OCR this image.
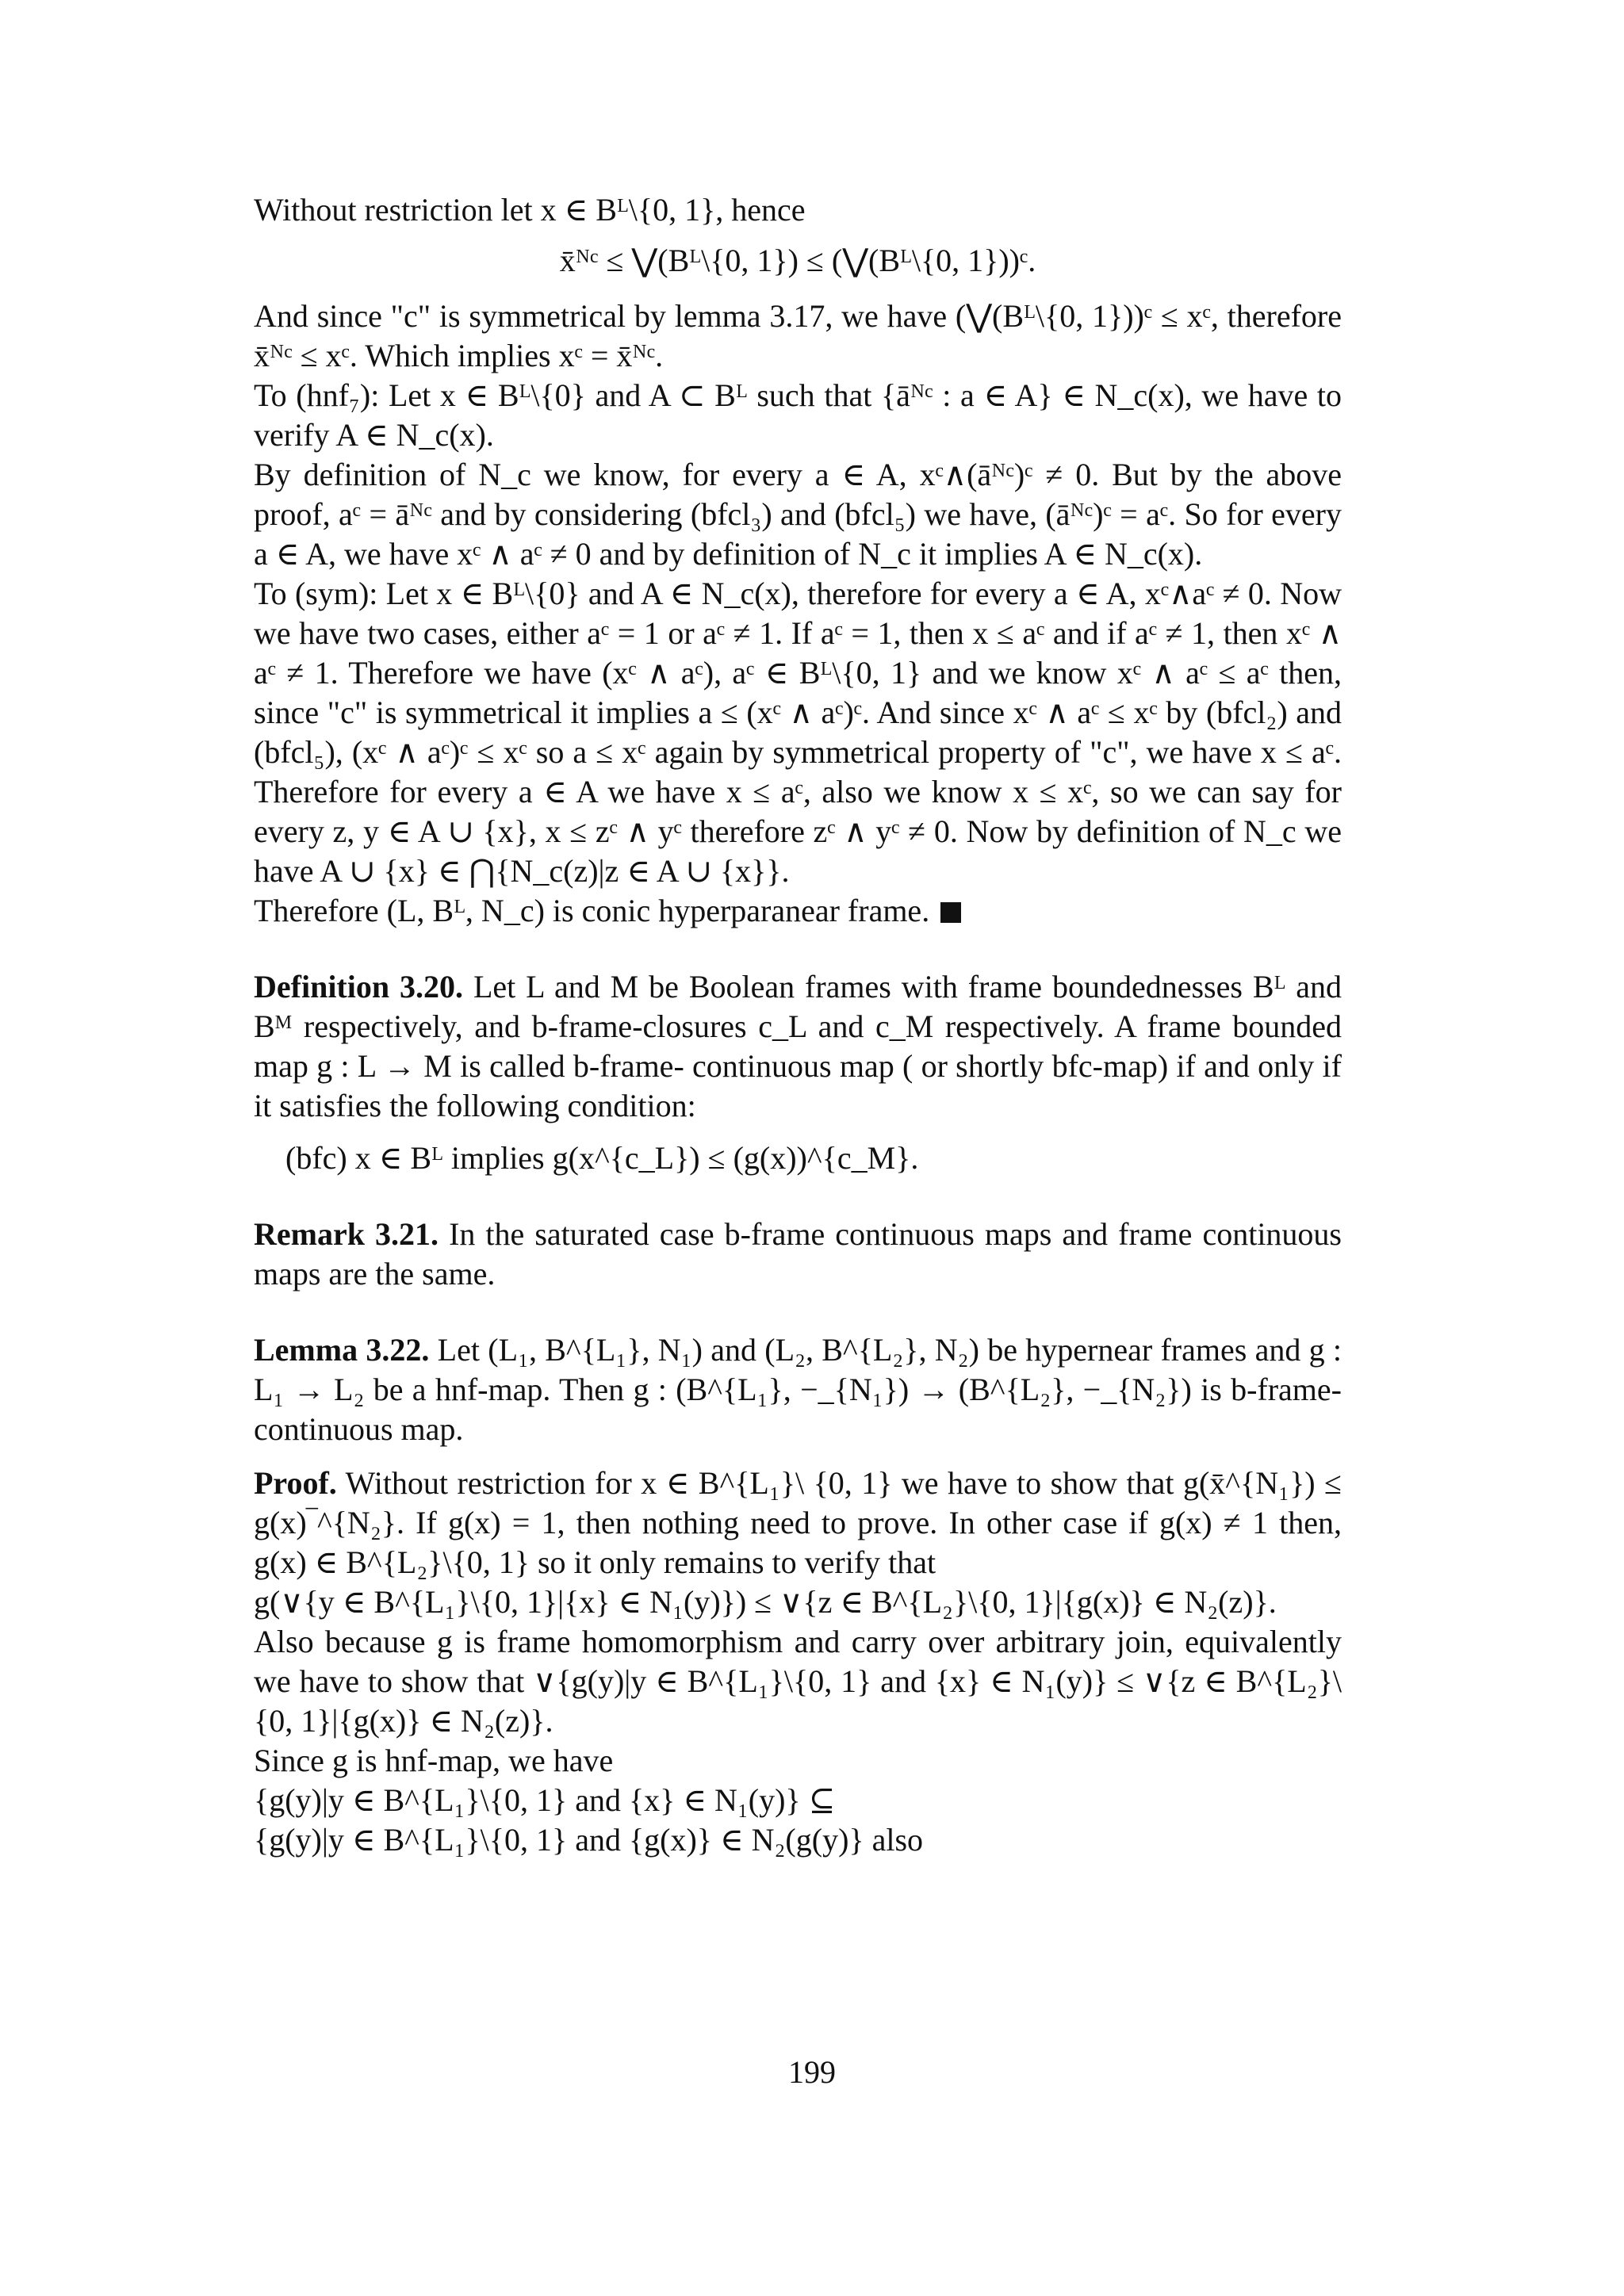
Without restriction let x ∈ Bᴸ\{0, 1}, hence

x̄ᴺᶜ ≤ ⋁(Bᴸ\{0, 1}) ≤ (⋁(Bᴸ\{0, 1}))ᶜ.

And since "c" is symmetrical by lemma 3.17, we have (⋁(Bᴸ\{0, 1}))ᶜ ≤ xᶜ, therefore x̄ᴺᶜ ≤ xᶜ. Which implies xᶜ = x̄ᴺᶜ.

To (hnf₇): Let x ∈ Bᴸ\{0} and A ⊂ Bᴸ such that {āᴺᶜ : a ∈ A} ∈ N_c(x), we have to verify A ∈ N_c(x).

By definition of N_c we know, for every a ∈ A, xᶜ∧(āᴺᶜ)ᶜ ≠ 0. But by the above proof, aᶜ = āᴺᶜ and by considering (bfcl₃) and (bfcl₅) we have, (āᴺᶜ)ᶜ = aᶜ. So for every a ∈ A, we have xᶜ ∧ aᶜ ≠ 0 and by definition of N_c it implies A ∈ N_c(x).

To (sym): Let x ∈ Bᴸ\{0} and A ∈ N_c(x), therefore for every a ∈ A, xᶜ∧aᶜ ≠ 0. Now we have two cases, either aᶜ = 1 or aᶜ ≠ 1. If aᶜ = 1, then x ≤ aᶜ and if aᶜ ≠ 1, then xᶜ ∧ aᶜ ≠ 1. Therefore we have (xᶜ ∧ aᶜ), aᶜ ∈ Bᴸ\{0, 1} and we know xᶜ ∧ aᶜ ≤ aᶜ then, since "c" is symmetrical it implies a ≤ (xᶜ ∧ aᶜ)ᶜ. And since xᶜ ∧ aᶜ ≤ xᶜ by (bfcl₂) and (bfcl₅), (xᶜ ∧ aᶜ)ᶜ ≤ xᶜ so a ≤ xᶜ again by symmetrical property of "c", we have x ≤ aᶜ. Therefore for every a ∈ A we have x ≤ aᶜ, also we know x ≤ xᶜ, so we can say for every z, y ∈ A ∪ {x}, x ≤ zᶜ ∧ yᶜ therefore zᶜ ∧ yᶜ ≠ 0. Now by definition of N_c we have A ∪ {x} ∈ ⋂{N_c(z)|z ∈ A ∪ {x}}.

Therefore (L, Bᴸ, N_c) is conic hyperparanear frame.

Definition 3.20. Let L and M be Boolean frames with frame boundednesses Bᴸ and Bᴹ respectively, and b-frame-closures c_L and c_M respectively. A frame bounded map g : L → M is called b-frame- continuous map ( or shortly bfc-map) if and only if it satisfies the following condition:

(bfc) x ∈ Bᴸ implies g(x^{c_L}) ≤ (g(x))^{c_M}.

Remark 3.21. In the saturated case b-frame continuous maps and frame continuous maps are the same.

Lemma 3.22. Let (L₁, B^{L₁}, N₁) and (L₂, B^{L₂}, N₂) be hypernear frames and g : L₁ → L₂ be a hnf-map. Then g : (B^{L₁}, −_{N₁}) → (B^{L₂}, −_{N₂}) is b-frame-continuous map.

Proof. Without restriction for x ∈ B^{L₁}\ {0, 1} we have to show that g(x̄^{N₁}) ≤ g(x)‾^{N₂}. If g(x) = 1, then nothing need to prove. In other case if g(x) ≠ 1 then, g(x) ∈ B^{L₂}\{0, 1} so it only remains to verify that

g(∨{y ∈ B^{L₁}\{0, 1}|{x} ∈ N₁(y)}) ≤ ∨{z ∈ B^{L₂}\{0, 1}|{g(x)} ∈ N₂(z)}.

Also because g is frame homomorphism and carry over arbitrary join, equivalently we have to show that ∨{g(y)|y ∈ B^{L₁}\{0, 1} and {x} ∈ N₁(y)} ≤ ∨{z ∈ B^{L₂}\{0, 1}|{g(x)} ∈ N₂(z)}.

Since g is hnf-map, we have

{g(y)|y ∈ B^{L₁}\{0, 1} and {x} ∈ N₁(y)} ⊆

{g(y)|y ∈ B^{L₁}\{0, 1} and {g(x)} ∈ N₂(g(y)} also

199
